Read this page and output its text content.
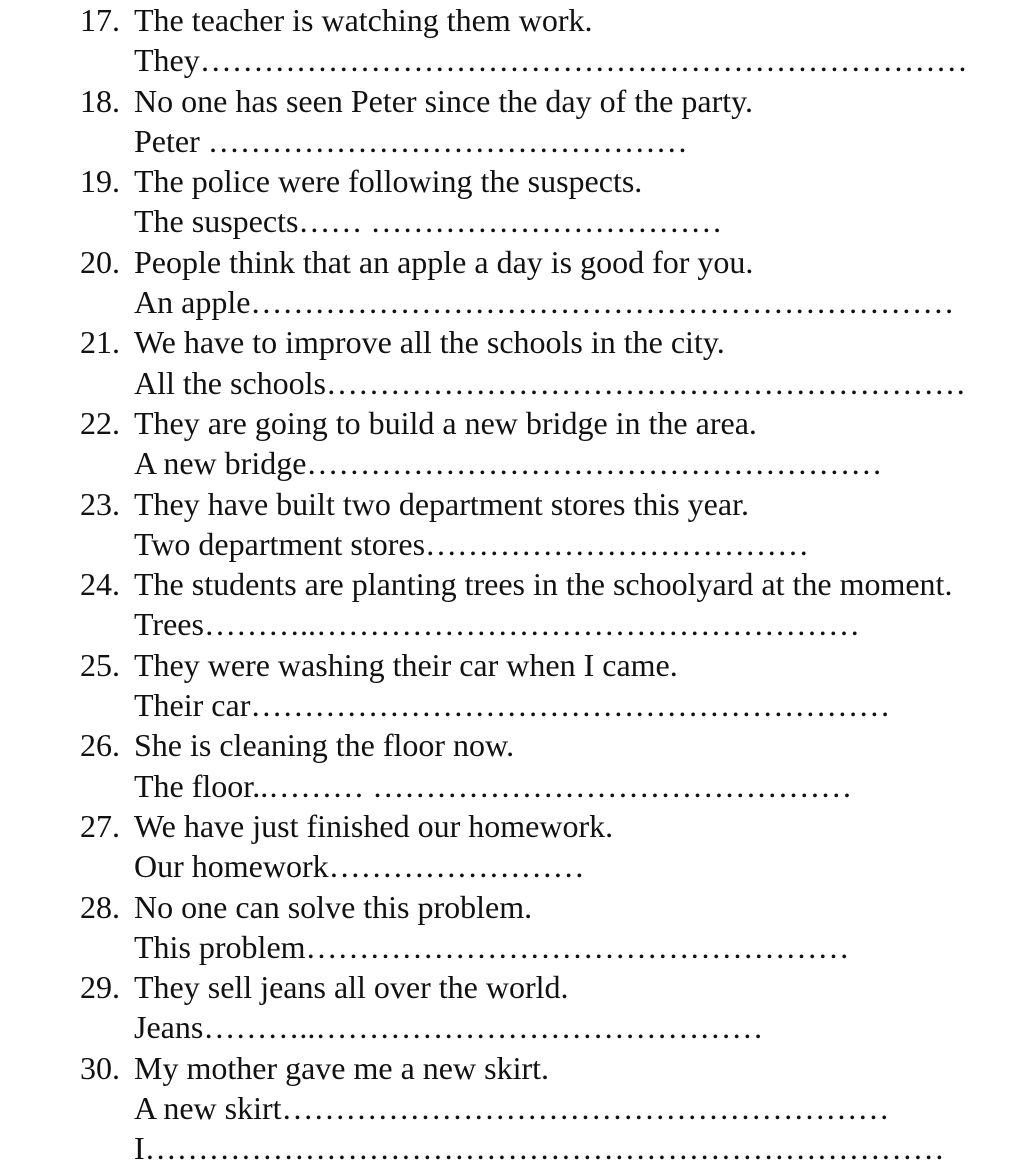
17. The teacher is watching them work.
They………………………………………………………………
18. No one has seen Peter since the day of the party.
Peter ………………………………………
19. The police were following the suspects.
The suspects…… ……………………………
20. People think that an apple a day is good for you.
An apple…………………………………………………………
21. We have to improve all the schools in the city.
All the schools……………………………………………………
22. They are going to build a new bridge in the area.
A new bridge………………………………………………
23. They have built two department stores this year.
Two department stores………………………………
24. The students are planting trees in the schoolyard at the moment.
Trees………..……………………………………………
25. They were washing their car when I came.
Their car……………………………………………………
26. She is cleaning the floor now.
The floor..……… ………………………………………
27. We have just finished our homework.
Our homework……………………
28. No one can solve this problem.
This problem……………………………………………
29. They sell jeans all over the world.
Jeans………..……………………………………
30. My mother gave me a new skirt.
A new skirt…………………………………………………
I…………………………………………………………………
